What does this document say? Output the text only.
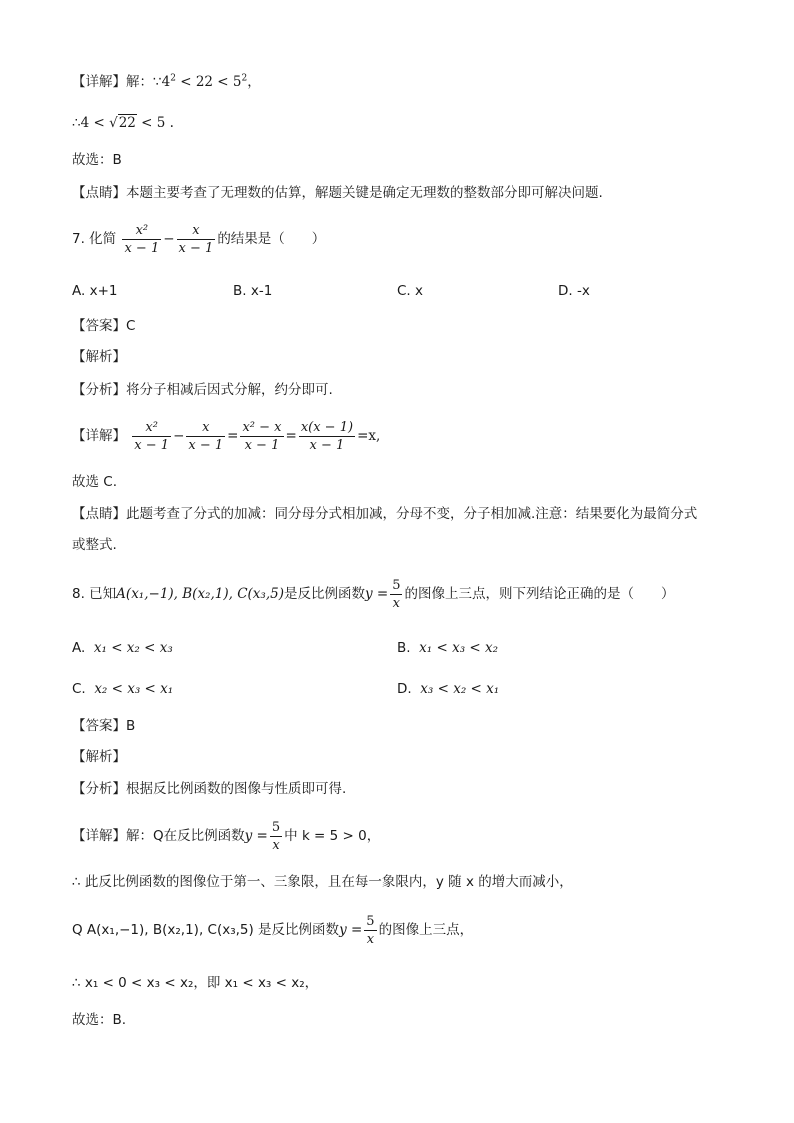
【详解】解：$\because 4^2 < 22 < 5^2$，
∴4 < √22 < 5 .
故选：B
【点睛】本题主要考查了无理数的估算，解题关键是确定无理数的整数部分即可解决问题.
7. 化简 $\frac{\text{x²}}{x - 1} - \frac{x}{x - 1}$ 的结果是（　　）
A. x+1	B. x-1	C. x	D. -x
【答案】C
【解析】
【分析】将分子相减后因式分解，约分即可.
【详解】 $\frac{\text{x²}}{x - 1} - \frac{x}{x - 1} = \frac{\text{x² − x}}{x - 1} = \frac{x(x - 1)}{x - 1} =x$,
故选 C.
【点睛】此题考查了分式的加减：同分母分式相加减，分母不变，分子相加减.注意：结果要化为最简分式
或整式.
8. 已知A(x₁,−1), B(x₂,1), C(x₃,5)是反比例函数$y = \frac{5}{x}$ 的图像上三点，则下列结论正确的是（　　）
A. x₁ < x₂ < x₃	B. x₁ < x₃ < x₂
C. x₂ < x₃ < x₁	D. x₃ < x₂ < x₁
【答案】B
【解析】
【分析】根据反比例函数的图像与性质即可得.
【详解】解：Q在反比例函数$y = \frac{5}{x}$ 中 k = 5 > 0，
∴ 此反比例函数的图像位于第一、三象限，且在每一象限内，y 随 x 的增大而减小，
Q A(x₁,−1), B(x₂,1), C(x₃,5) 是反比例函数$y = \frac{5}{x}$ 的图像上三点，
∴ x₁ < 0 < x₃ < x₂，即 x₁ < x₃ < x₂，
故选：B.
